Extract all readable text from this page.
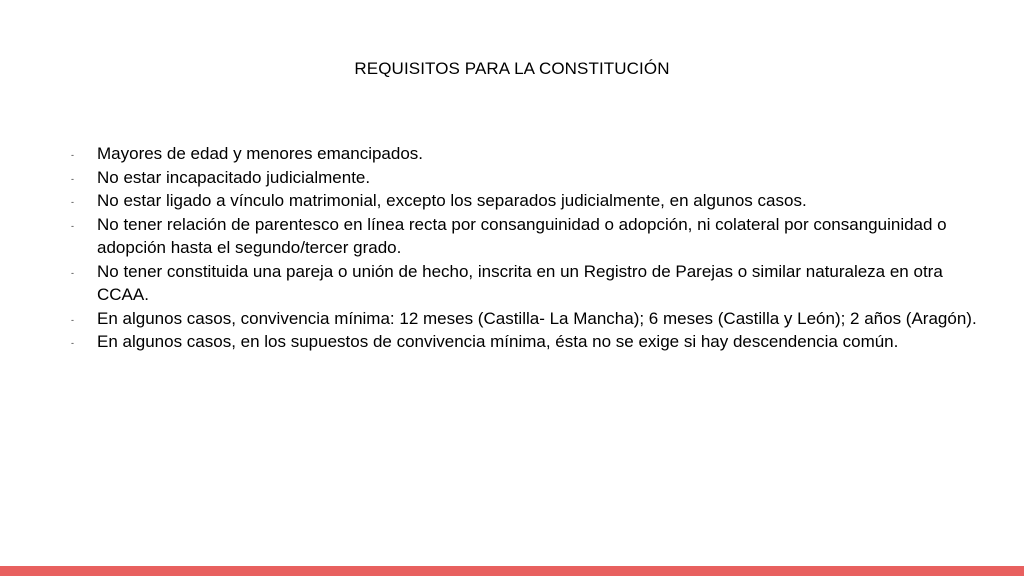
REQUISITOS PARA LA CONSTITUCIÓN
- Mayores de edad y menores emancipados.
- No estar incapacitado judicialmente.
- No estar ligado a vínculo matrimonial, excepto los separados judicialmente, en algunos casos.
- No tener relación de parentesco en línea recta por consanguinidad o adopción, ni colateral por consanguinidad o adopción hasta el segundo/tercer grado.
- No tener constituida una pareja o unión de hecho, inscrita en un Registro de Parejas o similar naturaleza en otra CCAA.
- En algunos casos, convivencia mínima: 12 meses (Castilla- La Mancha); 6 meses (Castilla y León); 2 años (Aragón).
- En algunos casos, en los supuestos de convivencia mínima, ésta no se exige si hay descendencia común.
